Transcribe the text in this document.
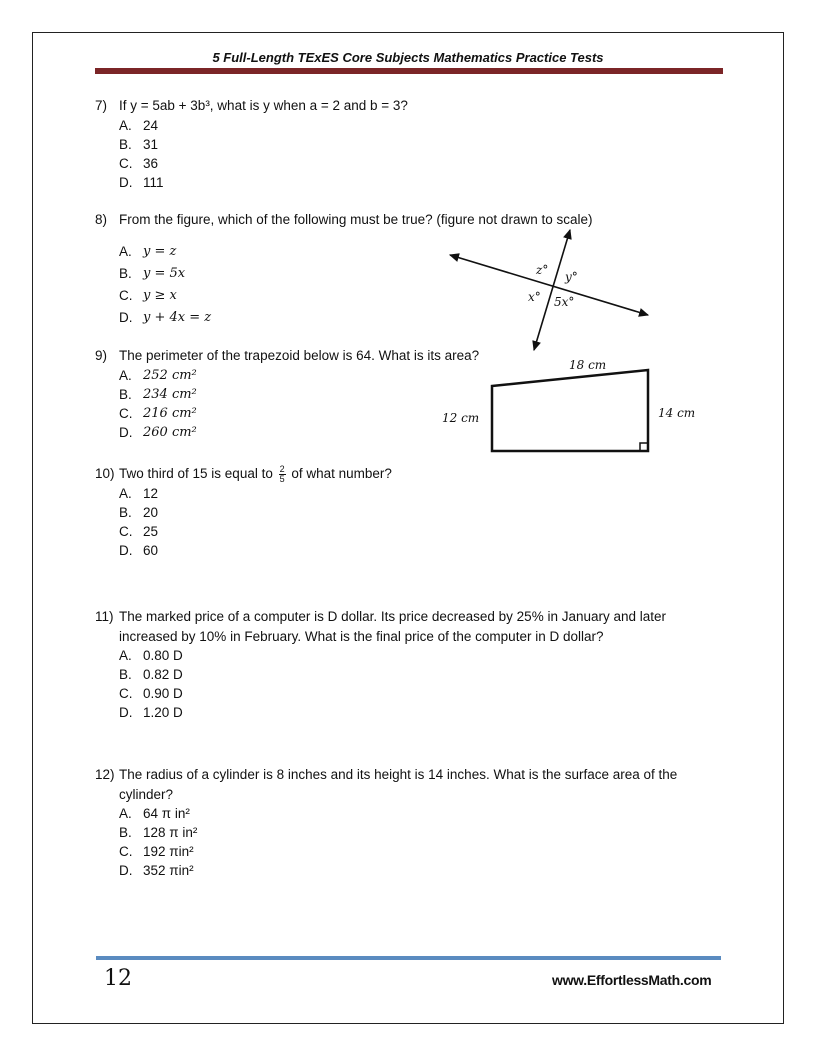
5 Full-Length TExES Core Subjects Mathematics Practice Tests
7) If y = 5ab + 3b³, what is y when a = 2 and b = 3?
A. 24
B. 31
C. 36
D. 111
8) From the figure, which of the following must be true? (figure not drawn to scale)
A. y = z
B. y = 5x
C. y ≥ x
D. y + 4x = z
z° y°
x° 5x°
9) The perimeter of the trapezoid below is 64. What is its area?
A. 252 cm²
B. 234 cm²
C. 216 cm²
D. 260 cm²
18 cm
12 cm	14 cm
10) Two third of 15 is equal to $\frac{2}{5}$ of what number?
A. 12
B. 20
C. 25
D. 60
11) The marked price of a computer is D dollar. Its price decreased by 25% in January and later increased by 10% in February. What is the final price of the computer in D dollar?
A. 0.80 D
B. 0.82 D
C. 0.90 D
D. 1.20 D
12) The radius of a cylinder is 8 inches and its height is 14 inches. What is the surface area of the cylinder?
A. 64 π in²
B. 128 π in²
C. 192 πin²
D. 352 πin²
12	www.EffortlessMath.com
